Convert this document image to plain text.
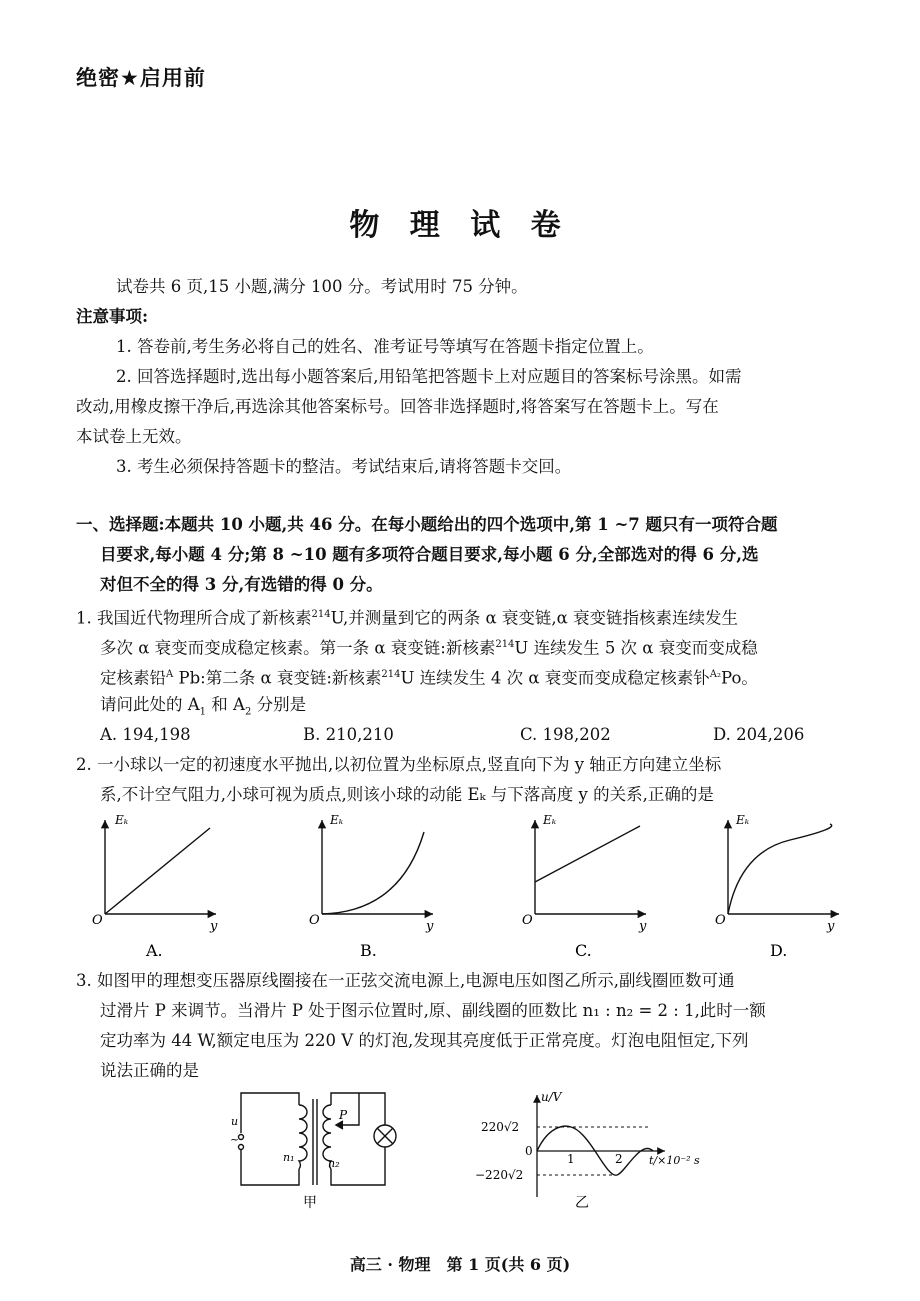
绝密★启用前
物 理 试 卷
试卷共 6 页,15 小题,满分 100 分。考试用时 75 分钟。
注意事项:
1. 答卷前,考生务必将自己的姓名、准考证号等填写在答题卡指定位置上。
2. 回答选择题时,选出每小题答案后,用铅笔把答题卡上对应题目的答案标号涂黑。如需
改动,用橡皮擦干净后,再选涂其他答案标号。回答非选择题时,将答案写在答题卡上。写在
本试卷上无效。
3. 考生必须保持答题卡的整洁。考试结束后,请将答题卡交回。
一、选择题:本题共 10 小题,共 46 分。在每小题给出的四个选项中,第 1 ~7 题只有一项符合题
目要求,每小题 4 分;第 8 ~10 题有多项符合题目要求,每小题 6 分,全部选对的得 6 分,选
对但不全的得 3 分,有选错的得 0 分。
1. 我国近代物理所合成了新核素$^{214}$U,并测量到它的两条 α 衰变链,α 衰变链指核素连续发生
多次 α 衰变而变成稳定核素。第一条 α 衰变链:新核素$^{214}$U 连续发生 5 次 α 衰变而变成稳
定核素铅$^A$ Pb:第二条 α 衰变链:新核素$^{214}$U 连续发生 4 次 α 衰变而变成稳定核素钋$^{A_2}$Po。
请问此处的 $A_1$ 和 $A_2$ 分别是
A. 194,198	B. 210,210	C. 198,202	D. 204,206
2. 一小球以一定的初速度水平抛出,以初位置为坐标原点,竖直向下为 y 轴正方向建立坐标
系,不计空气阻力,小球可视为质点,则该小球的动能 Eₖ 与下落高度 y 的关系,正确的是
Eₖ
O	y
A.
Eₖ
O	y
B.
Eₖ
O	y
C.
Eₖ
O	y
D.
3. 如图甲的理想变压器原线圈接在一正弦交流电源上,电源电压如图乙所示,副线圈匝数可通
过滑片 P 来调节。当滑片 P 处于图示位置时,原、副线圈的匝数比 n₁ : n₂ = 2 : 1,此时一额
定功率为 44 W,额定电压为 220 V 的灯泡,发现其亮度低于正常亮度。灯泡电阻恒定,下列
说法正确的是
u
~
n₁	n₂
P
甲
u/V
220√2
0
−220√2
1	2 t/×10⁻² s
乙
高三 · 物理　第 1 页(共 6 页)
